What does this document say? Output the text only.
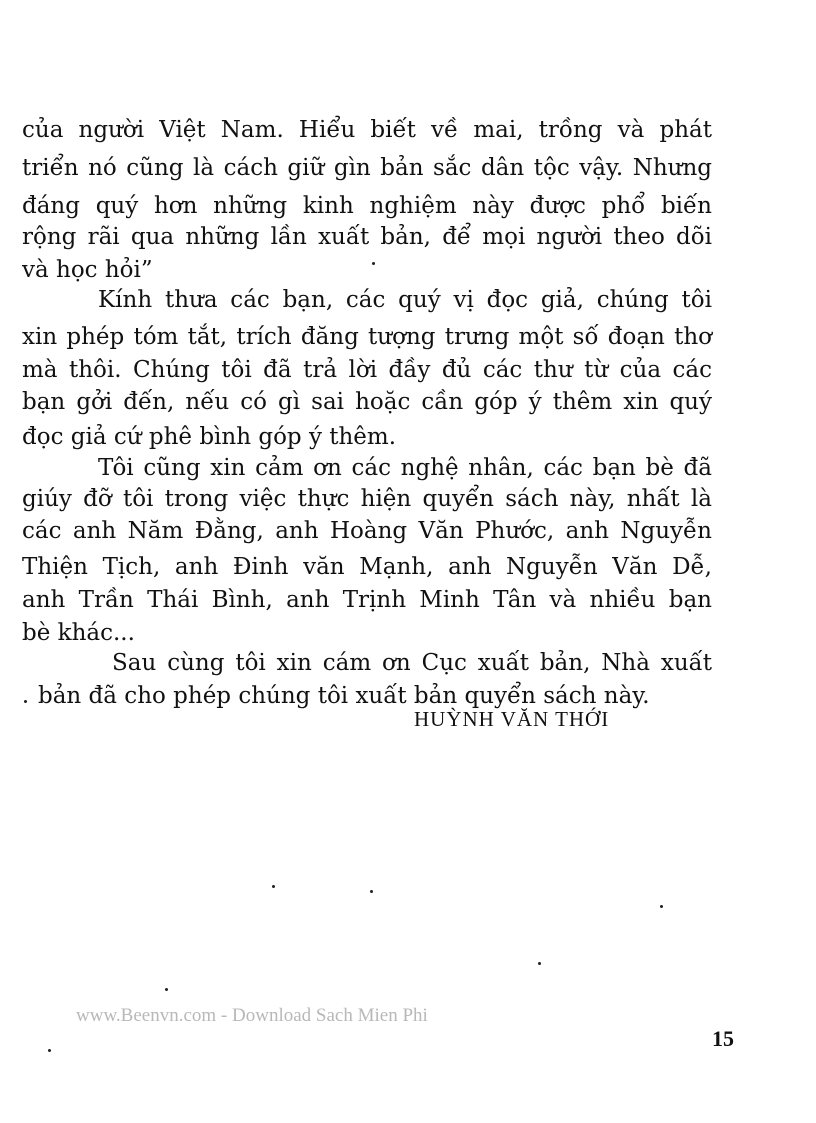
của người Việt Nam. Hiểu biết về mai, trồng và phát
triển nó cũng là cách giữ gìn bản sắc dân tộc vậy. Nhưng
đáng quý hơn những kinh nghiệm này được phổ biến
rộng rãi qua những lần xuất bản, để mọi người theo dõi
và học hỏi”
Kính thưa các bạn, các quý vị đọc giả, chúng tôi
xin phép tóm tắt, trích đăng tượng trưng một số đoạn thơ
mà thôi. Chúng tôi đã trả lời đầy đủ các thư từ của các
bạn gởi đến, nếu có gì sai hoặc cần góp ý thêm xin quý
đọc giả cứ phê bình góp ý thêm.
Tôi cũng xin cảm ơn các nghệ nhân, các bạn bè đã
giúy đỡ tôi trong việc thực hiện quyển sách này, nhất là
các anh Năm Đằng, anh Hoàng Văn Phước, anh Nguyễn
Thiện Tịch, anh Đinh văn Mạnh, anh Nguyễn Văn Dễ,
anh Trần Thái Bình, anh Trịnh Minh Tân và nhiều bạn
bè khác...
Sau cùng tôi xin cám ơn Cục xuất bản, Nhà xuất
bản đã cho phép chúng tôi xuất bản quyển sách này.
HUỲNH VĂN THỚI
www.Beenvn.com - Download Sach Mien Phi
15
